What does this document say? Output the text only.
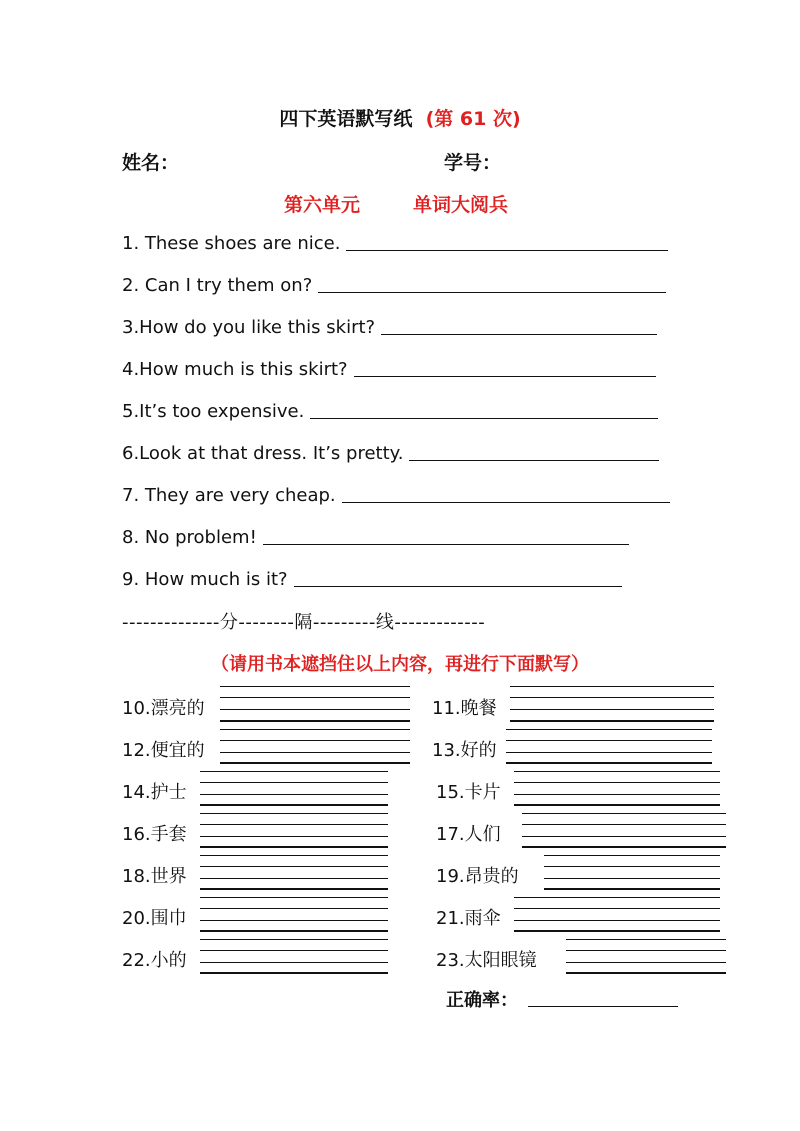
四下英语默写纸 (第 61 次)
姓名：	学号：
第六单元	单词大阅兵
1. These shoes are nice.
2. Can I try them on?
3.How do you like this skirt?
4.How much is this skirt?
5.It’s too expensive.
6.Look at that dress. It’s pretty.
7. They are very cheap.
8. No problem!
9. How much is it?
--------------分--------隔---------线-------------
（请用书本遮挡住以上内容，再进行下面默写）
10.漂亮的	11.晚餐
12.便宜的	13.好的
14.护士	15.卡片
16.手套	17.人们
18.世界	19.昂贵的
20.围巾	21.雨伞
22.小的	23.太阳眼镜
正确率：
